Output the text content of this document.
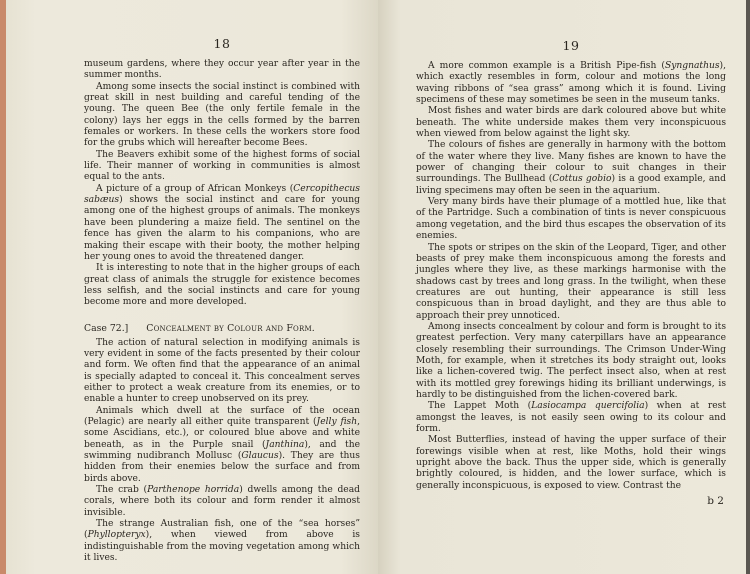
18

museum gardens, where they occur year after year in the summer months.

Among some insects the social instinct is combined with great skill in nest building and careful tending of the young. The queen Bee (the only fertile female in the colony) lays her eggs in the cells formed by the barren females or workers. In these cells the workers store food for the grubs which will hereafter become Bees.

The Beavers exhibit some of the highest forms of social life. Their manner of working in communities is almost equal to the ants.

A picture of a group of African Monkeys (Cercopithecus sabæus) shows the social instinct and care for young among one of the highest groups of animals. The monkeys have been plundering a maize field. The sentinel on the fence has given the alarm to his companions, who are making their escape with their booty, the mother helping her young ones to avoid the threatened danger.

It is interesting to note that in the higher groups of each great class of animals the struggle for existence becomes less selfish, and the social instincts and care for young become more and more developed.

Case 72.] Concealment by Colour and Form.

The action of natural selection in modifying animals is very evident in some of the facts presented by their colour and form. We often find that the appearance of an animal is specially adapted to conceal it. This concealment serves either to protect a weak creature from its enemies, or to enable a hunter to creep unobserved on its prey.

Animals which dwell at the surface of the ocean (Pelagic) are nearly all either quite transparent (Jelly fish, some Ascidians, etc.), or coloured blue above and white beneath, as in the Purple snail (Janthina), and the swimming nudibranch Mollusc (Glaucus). They are thus hidden from their enemies below the surface and from birds above.

The crab (Parthenope horrida) dwells among the dead corals, where both its colour and form render it almost invisible.

The strange Australian fish, one of the “sea horses” (Phyllopteryx), when viewed from above is indistinguishable from the moving vegetation among which it lives.

19

A more common example is a British Pipe-fish (Syngnathus), which exactly resembles in form, colour and motions the long waving ribbons of “sea grass” among which it is found. Living specimens of these may sometimes be seen in the museum tanks.

Most fishes and water birds are dark coloured above but white beneath. The white underside makes them very inconspicuous when viewed from below against the light sky.

The colours of fishes are generally in harmony with the bottom of the water where they live. Many fishes are known to have the power of changing their colour to suit changes in their surroundings. The Bullhead (Cottus gobio) is a good example, and living specimens may often be seen in the aquarium.

Very many birds have their plumage of a mottled hue, like that of the Partridge. Such a combination of tints is never conspicuous among vegetation, and the bird thus escapes the observation of its enemies.

The spots or stripes on the skin of the Leopard, Tiger, and other beasts of prey make them inconspicuous among the forests and jungles where they live, as these markings harmonise with the shadows cast by trees and long grass. In the twilight, when these creatures are out hunting, their appearance is still less conspicuous than in broad daylight, and they are thus able to approach their prey unnoticed.

Among insects concealment by colour and form is brought to its greatest perfection. Very many caterpillars have an appearance closely resembling their surroundings. The Crimson Under-Wing Moth, for example, when it stretches its body straight out, looks like a lichen-covered twig. The perfect insect also, when at rest with its mottled grey forewings hiding its brilliant underwings, is hardly to be distinguished from the lichen-covered bark.

The Lappet Moth (Lasiocampa quercifolia) when at rest amongst the leaves, is not easily seen owing to its colour and form.

Most Butterflies, instead of having the upper surface of their forewings visible when at rest, like Moths, hold their wings upright above the back. Thus the upper side, which is generally brightly coloured, is hidden, and the lower surface, which is generally inconspicuous, is exposed to view. Contrast the

b 2
